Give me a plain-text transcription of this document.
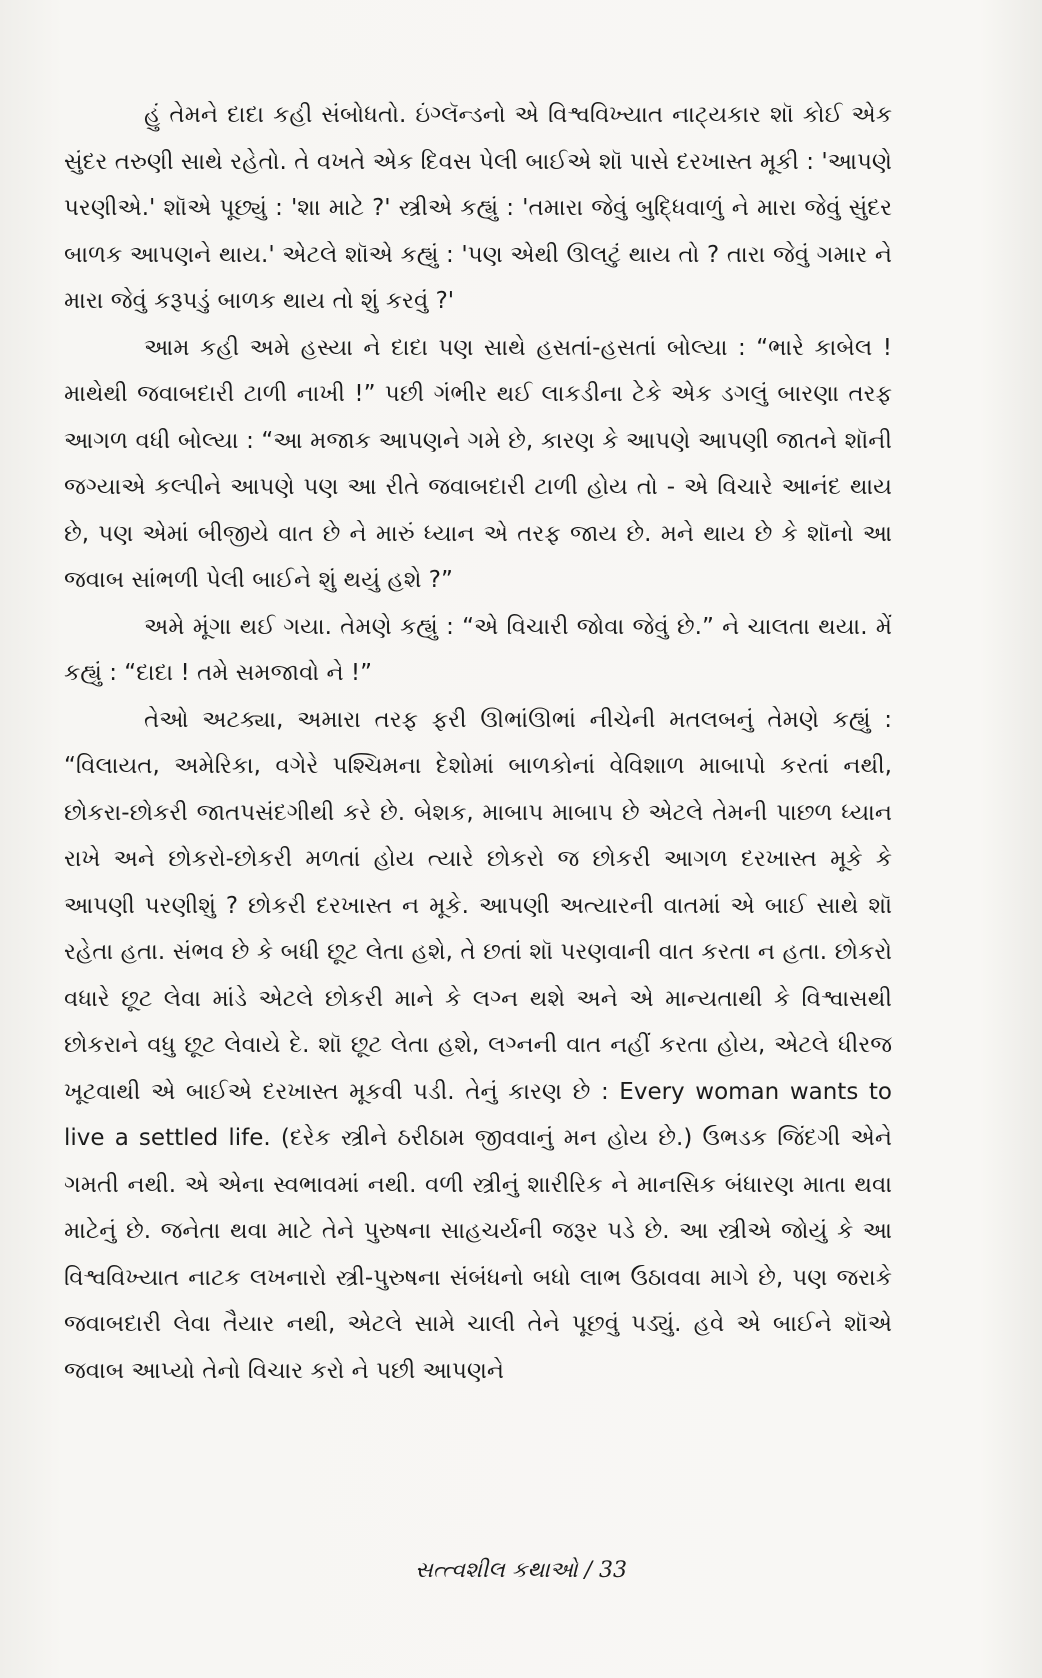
હું તેમને દાદા કહી સંબોધતો. ઇંગ્લૅન્ડનો એ વિશ્વવિખ્યાત નાટ્યકાર શૉ કોઈ એક સુંદર તરુણી સાથે રહેતો. તે વખતે એક દિવસ પેલી બાઈએ શૉ પાસે દરખાસ્ત મૂકી : 'આપણે પરણીએ.' શૉએ પૂછ્યું : 'શા માટે ?' સ્ત્રીએ કહ્યું : 'તમારા જેવું બુદ્ધિવાળું ને મારા જેવું સુંદર બાળક આપણને થાય.' એટલે શૉએ કહ્યું : 'પણ એથી ઊલટું થાય તો ? તારા જેવું ગમાર ને મારા જેવું કરૂપડું બાળક થાય તો શું કરવું ?'

આમ કહી અમે હસ્યા ને દાદા પણ સાથે હસતાં-હસતાં બોલ્યા : “ભારે કાબેલ ! માથેથી જવાબદારી ટાળી નાખી !” પછી ગંભીર થઈ લાકડીના ટેકે એક ડગલું બારણા તરફ આગળ વધી બોલ્યા : “આ મજાક આપણને ગમે છે, કારણ કે આપણે આપણી જાતને શૉની જગ્યાએ કલ્પીને આપણે પણ આ રીતે જવાબદારી ટાળી હોય તો - એ વિચારે આનંદ થાય છે, પણ એમાં બીજીયે વાત છે ને મારું ધ્યાન એ તરફ જાય છે. મને થાય છે કે શૉનો આ જવાબ સાંભળી પેલી બાઈને શું થયું હશે ?”

અમે મૂંગા થઈ ગયા. તેમણે કહ્યું : “એ વિચારી જોવા જેવું છે.” ને ચાલતા થયા. મેં કહ્યું : “દાદા ! તમે સમજાવો ને !”

તેઓ અટક્યા, અમારા તરફ ફરી ઊભાંઊભાં નીચેની મતલબનું તેમણે કહ્યું : “વિલાયત, અમેરિકા, વગેરે પશ્ચિમના દેશોમાં બાળકોનાં વેવિશાળ માબાપો કરતાં નથી, છોકરા-છોકરી જાતપસંદગીથી કરે છે. બેશક, માબાપ માબાપ છે એટલે તેમની પાછળ ધ્યાન રાખે અને છોકરો-છોકરી મળતાં હોય ત્યારે છોકરો જ છોકરી આગળ દરખાસ્ત મૂકે કે આપણી પરણીશું ? છોકરી દરખાસ્ત ન મૂકે. આપણી અત્યારની વાતમાં એ બાઈ સાથે શૉ રહેતા હતા. સંભવ છે કે બધી છૂટ લેતા હશે, તે છતાં શૉ પરણવાની વાત કરતા ન હતા. છોકરો વધારે છૂટ લેવા માંડે એટલે છોકરી માને કે લગ્ન થશે અને એ માન્યતાથી કે વિશ્વાસથી છોકરાને વધુ છૂટ લેવાયે દે. શૉ છૂટ લેતા હશે, લગ્નની વાત નહીં કરતા હોય, એટલે ધીરજ ખૂટવાથી એ બાઈએ દરખાસ્ત મૂકવી પડી. તેનું કારણ છે : Every woman wants to live a settled life. (દરેક સ્ત્રીને ઠરીઠામ જીવવાનું મન હોય છે.) ઉભડક જિંદગી એને ગમતી નથી. એ એના સ્વભાવમાં નથી. વળી સ્ત્રીનું શારીરિક ને માનસિક બંધારણ માતા થવા માટેનું છે. જનેતા થવા માટે તેને પુરુષના સાહચર્યની જરૂર પડે છે. આ સ્ત્રીએ જોયું કે આ વિશ્વવિખ્યાત નાટક લખનારો સ્ત્રી-પુરુષના સંબંધનો બધો લાભ ઉઠાવવા માગે છે, પણ જરાકે જવાબદારી લેવા તૈયાર નથી, એટલે સામે ચાલી તેને પૂછવું પડ્યું. હવે એ બાઈને શૉએ જવાબ આપ્યો તેનો વિચાર કરો ને પછી આપણને

સત્ત્વશીલ કથાઓ / 33
